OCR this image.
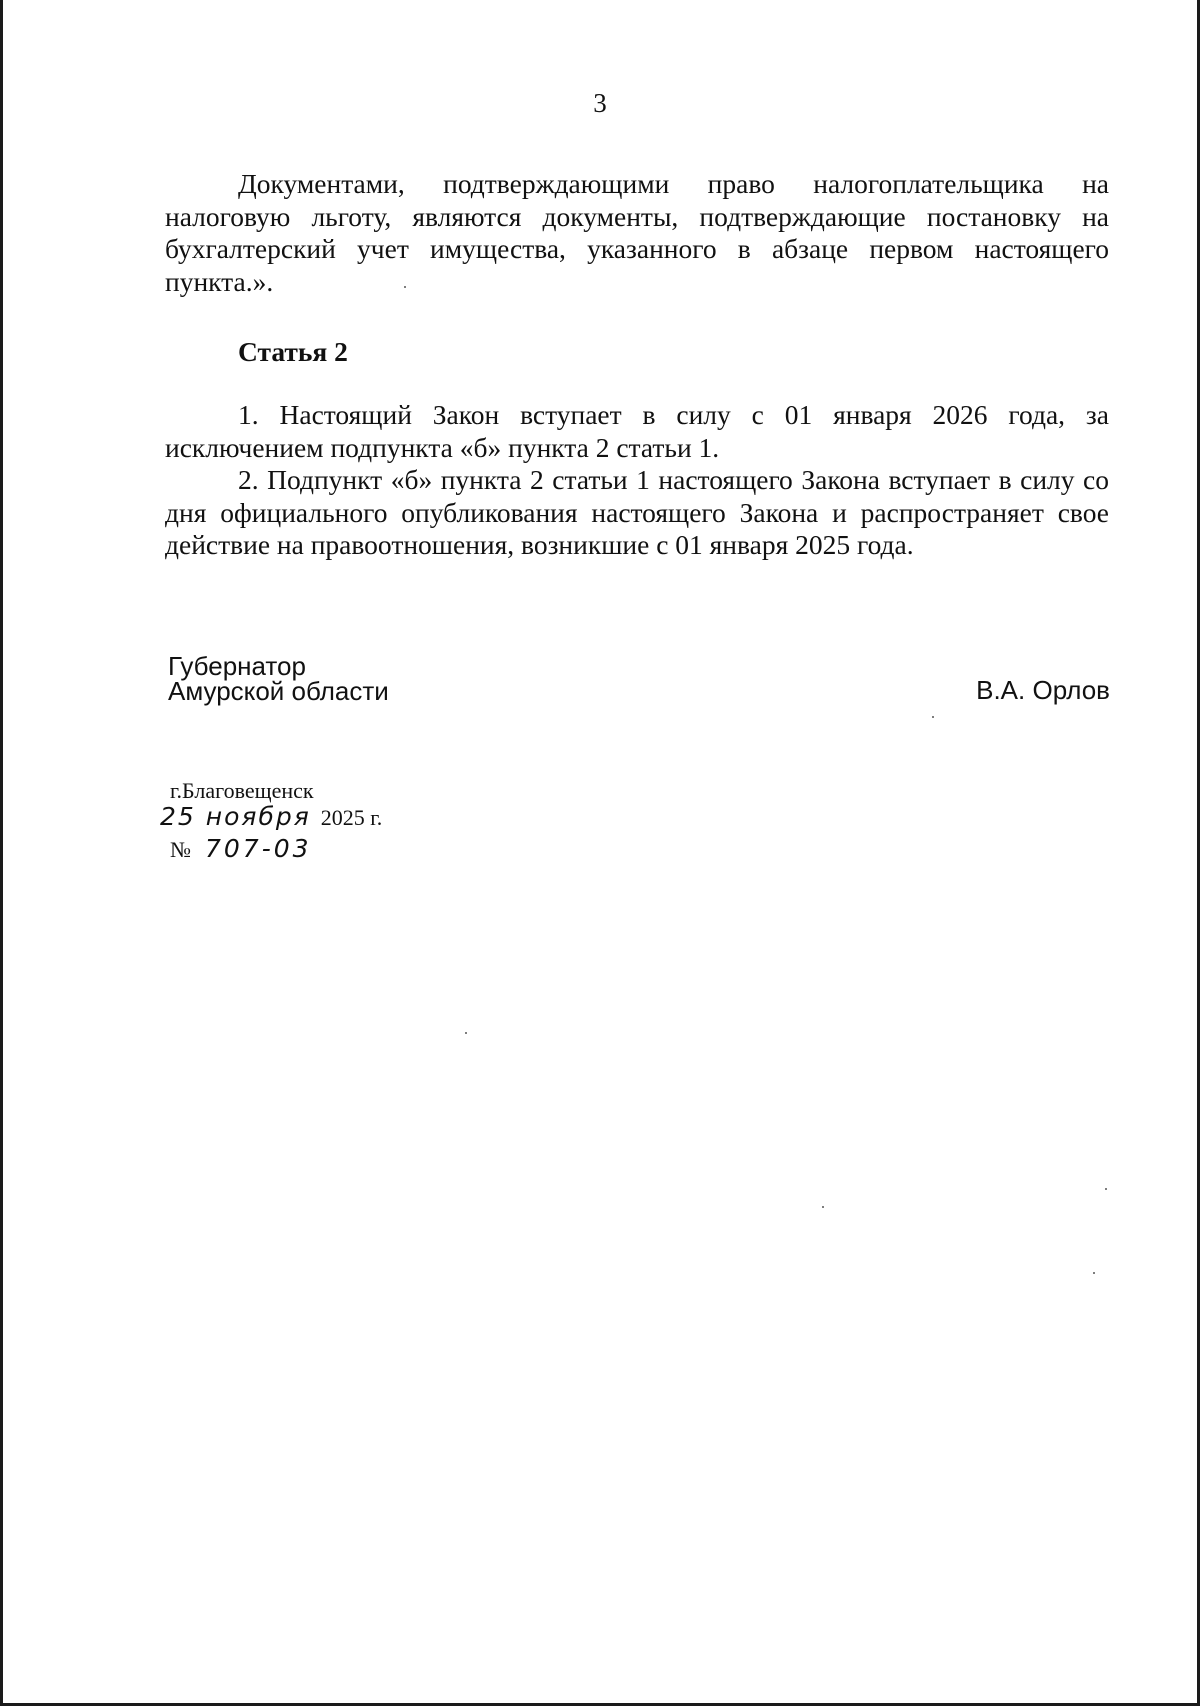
3

Документами, подтверждающими право налогоплательщика на налоговую льготу, являются документы, подтверждающие постановку на бухгалтерский учет имущества, указанного в абзаце первом настоящего пункта.».

Статья 2

1. Настоящий Закон вступает в силу с 01 января 2026 года, за исключением подпункта «б» пункта 2 статьи 1.

2. Подпункт «б» пункта 2 статьи 1 настоящего Закона вступает в силу со дня официального опубликования настоящего Закона и распространяет свое действие на правоотношения, возникшие с 01 января 2025 года.

Губернатор
Амурской области	В.А. Орлов
г.Благовещенск
25 ноября 2025 г.
№ 707-03
